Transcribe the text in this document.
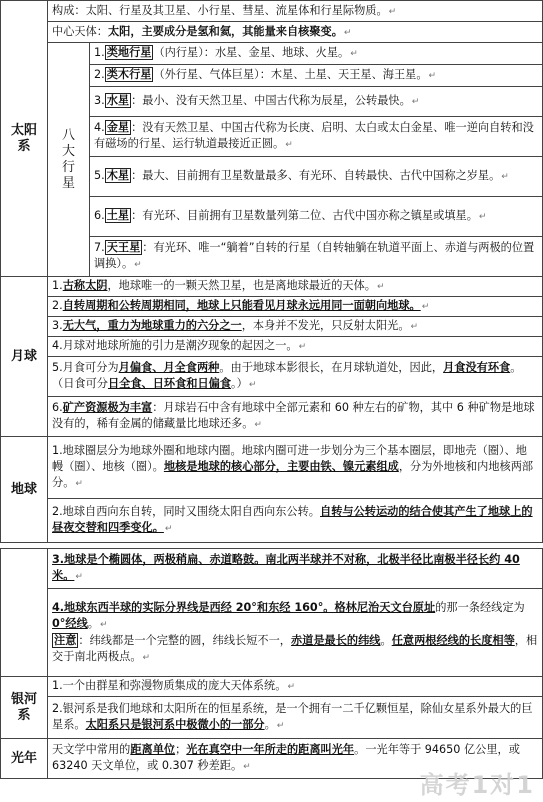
太阳系	构成：太阳、行星及其卫星、小行星、彗星、流星体和行星际物质。↵	
	中心天体：太阳，主要成分是氢和氦，其能量来自核聚变。↵	
	八大行星	1. 类地行星 （内行星）：水星、金星、地球、火星。↵
		2. 类木行星 （外行星、气体巨星）：木星、土星、天王星、海王星。↵
		3. 水星 ：最小、没有天然卫星、中国古代称为辰星，公转最快。↵
		4. 金星 ：没有天然卫星、中国古代称为长庚、启明、太白或太白金星、唯一逆向自转和没有磁场的行星、运行轨道最接近正圆。↵
		5. 木星 ：最大、目前拥有卫星数量最多、有光环、自转最快、古代中国称之岁星。↵
		6. 土星 ：有光环、目前拥有卫星数量列第二位、古代中国亦称之镇星或填星。↵
		7. 天王星 ：有光环、唯一“躺着”自转的行星（自转轴躺在轨道平面上、赤道与两极的位置调换）。↵
月球	1.古称太阴，地球唯一的一颗天然卫星，也是离地球最近的天体。↵	
	2.自转周期和公转周期相同，地球上只能看见月球永远用同一面朝向地球。↵	
	3.无大气，重力为地球重力的六分之一，本身并不发光，只反射太阳光。↵	
	4.月球对地球所施的引力是潮汐现象的起因之一。↵	
	5.月食可分为月偏食、月全食两种。由于地球本影很长，在月球轨道处，因此，月食没有环食。（日食可分日全食、日环食和日偏食。）↵	
	6.矿产资源极为丰富：月球岩石中含有地球中全部元素和 60 种左右的矿物，其中 6 种矿物是地球没有的，稀有金属的储藏量比地球还多。↵	
地球	1.地球圈层分为地球外圈和地球内圈。地球内圈可进一步划分为三个基本圈层，即地壳（圈）、地幔（圈）、地核（圈）。地核是地球的核心部分，主要由铁、镍元素组成，分为外地核和内地核两部分。↵	
	2.地球自西向东自转，同时又围绕太阳自西向东公转。自转与公转运动的结合使其产生了地球上的昼夜交替和四季变化。↵	

	3.地球是个椭圆体，两极稍扁、赤道略鼓。南北两半球并不对称，北极半径比南极半径长约 40 米。↵	

	4.地球东西半球的实际分界线是西经 20°和东经 160°。格林尼治天文台原址的那一条经线定为0°经线。↵

注意 ：纬线都是一个完整的圆，纬线长短不一，赤道是最长的纬线。任意两根经线的长度相等，相交于南北两极点。↵	

银河系	1.一个由群星和弥漫物质集成的庞大天体系统。↵	
	2.银河系是我们地球和太阳所在的恒星系统，是一个拥有一二千亿颗恒星，除仙女星系外最大的巨星系。太阳系只是银河系中极微小的一部分。↵	
光年	天文学中常用的距离单位；光在真空中一年所走的距离叫光年。一光年等于 94650 亿公里，或 63240 天文单位，或 0.307 秒差距。↵	
高考1对1
